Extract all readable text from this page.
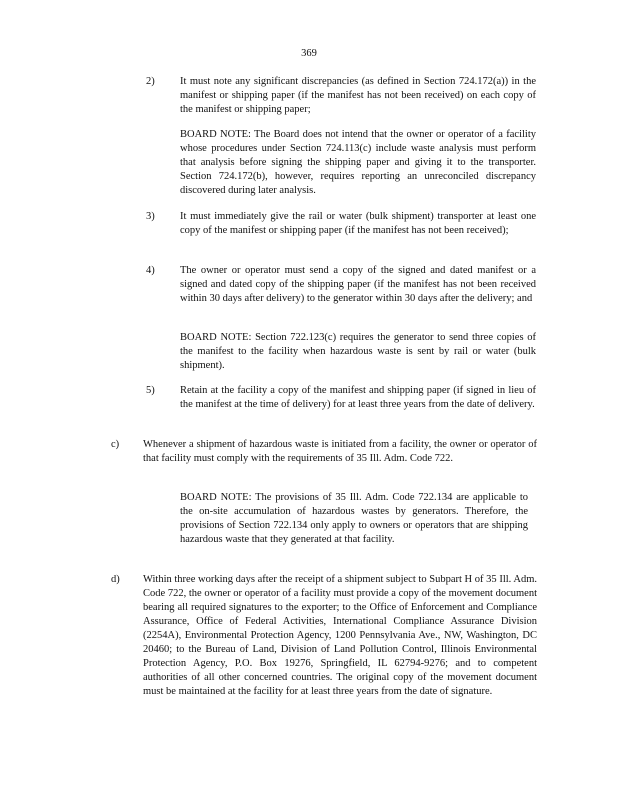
369
2) It must note any significant discrepancies (as defined in Section 724.172(a)) in the manifest or shipping paper (if the manifest has not been received) on each copy of the manifest or shipping paper;
BOARD NOTE: The Board does not intend that the owner or operator of a facility whose procedures under Section 724.113(c) include waste analysis must perform that analysis before signing the shipping paper and giving it to the transporter. Section 724.172(b), however, requires reporting an unreconciled discrepancy discovered during later analysis.
3) It must immediately give the rail or water (bulk shipment) transporter at least one copy of the manifest or shipping paper (if the manifest has not been received);
4) The owner or operator must send a copy of the signed and dated manifest or a signed and dated copy of the shipping paper (if the manifest has not been received within 30 days after delivery) to the generator within 30 days after the delivery; and
BOARD NOTE: Section 722.123(c) requires the generator to send three copies of the manifest to the facility when hazardous waste is sent by rail or water (bulk shipment).
5) Retain at the facility a copy of the manifest and shipping paper (if signed in lieu of the manifest at the time of delivery) for at least three years from the date of delivery.
c) Whenever a shipment of hazardous waste is initiated from a facility, the owner or operator of that facility must comply with the requirements of 35 Ill. Adm. Code 722.
BOARD NOTE: The provisions of 35 Ill. Adm. Code 722.134 are applicable to the on-site accumulation of hazardous wastes by generators. Therefore, the provisions of Section 722.134 only apply to owners or operators that are shipping hazardous waste that they generated at that facility.
d) Within three working days after the receipt of a shipment subject to Subpart H of 35 Ill. Adm. Code 722, the owner or operator of a facility must provide a copy of the movement document bearing all required signatures to the exporter; to the Office of Enforcement and Compliance Assurance, Office of Federal Activities, International Compliance Assurance Division (2254A), Environmental Protection Agency, 1200 Pennsylvania Ave., NW, Washington, DC 20460; to the Bureau of Land, Division of Land Pollution Control, Illinois Environmental Protection Agency, P.O. Box 19276, Springfield, IL 62794-9276; and to competent authorities of all other concerned countries. The original copy of the movement document must be maintained at the facility for at least three years from the date of signature.
